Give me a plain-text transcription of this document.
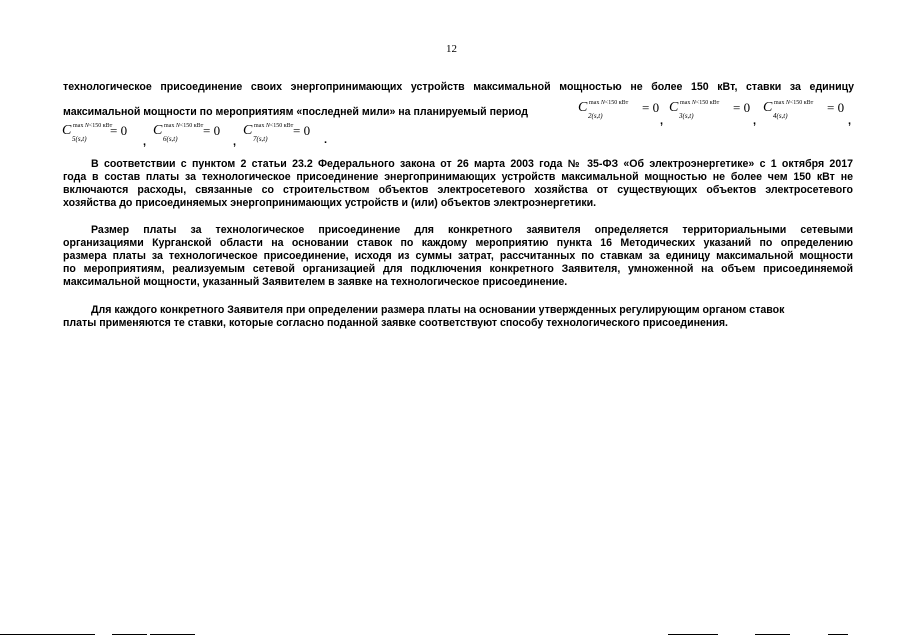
12
технологическое присоединение своих энергопринимающих устройств максимальной мощностью не более 150 кВт, ставки за единицу
максимальной мощности по мероприятиям «последней мили» на планируемый период	C max N<150 кВт
2(s,t)
= 0
,
C max N<150 кВт
3(s,t)
= 0
,
C max N<150 кВт
4(s,t)
= 0
,
C max N<150 кВт
5(s,t)
= 0
,
C max N<150 кВт
6(s,t)
= 0
,
C max N<150 кВт
7(s,t)
= 0
.
В соответствии с пунктом 2 статьи 23.2 Федерального закона от 26 марта 2003 года № 35-ФЗ «Об электроэнергетике» с 1 октября 2017
года в состав платы за технологическое присоединение энергопринимающих устройств максимальной мощностью не более чем 150 кВт не
включаются расходы, связанные со строительством объектов электросетевого хозяйства от существующих объектов электросетевого
хозяйства до присоединяемых энергопринимающих устройств и (или) объектов электроэнергетики.
Размер платы за технологическое присоединение для конкретного заявителя определяется территориальными сетевыми
организациями Курганской области на основании ставок по каждому мероприятию пункта 16 Методических указаний по определению
размера платы за технологическое присоединение, исходя из суммы затрат, рассчитанных по ставкам за единицу максимальной мощности
по мероприятиям, реализуемым сетевой организацией для подключения конкретного Заявителя, умноженной на объем присоединяемой
максимальной мощности, указанный Заявителем в заявке на технологическое присоединение.
Для каждого конкретного Заявителя при определении размера платы на основании утвержденных регулирующим органом ставок
платы применяются те ставки, которые согласно поданной заявке соответствуют способу технологического присоединения.
